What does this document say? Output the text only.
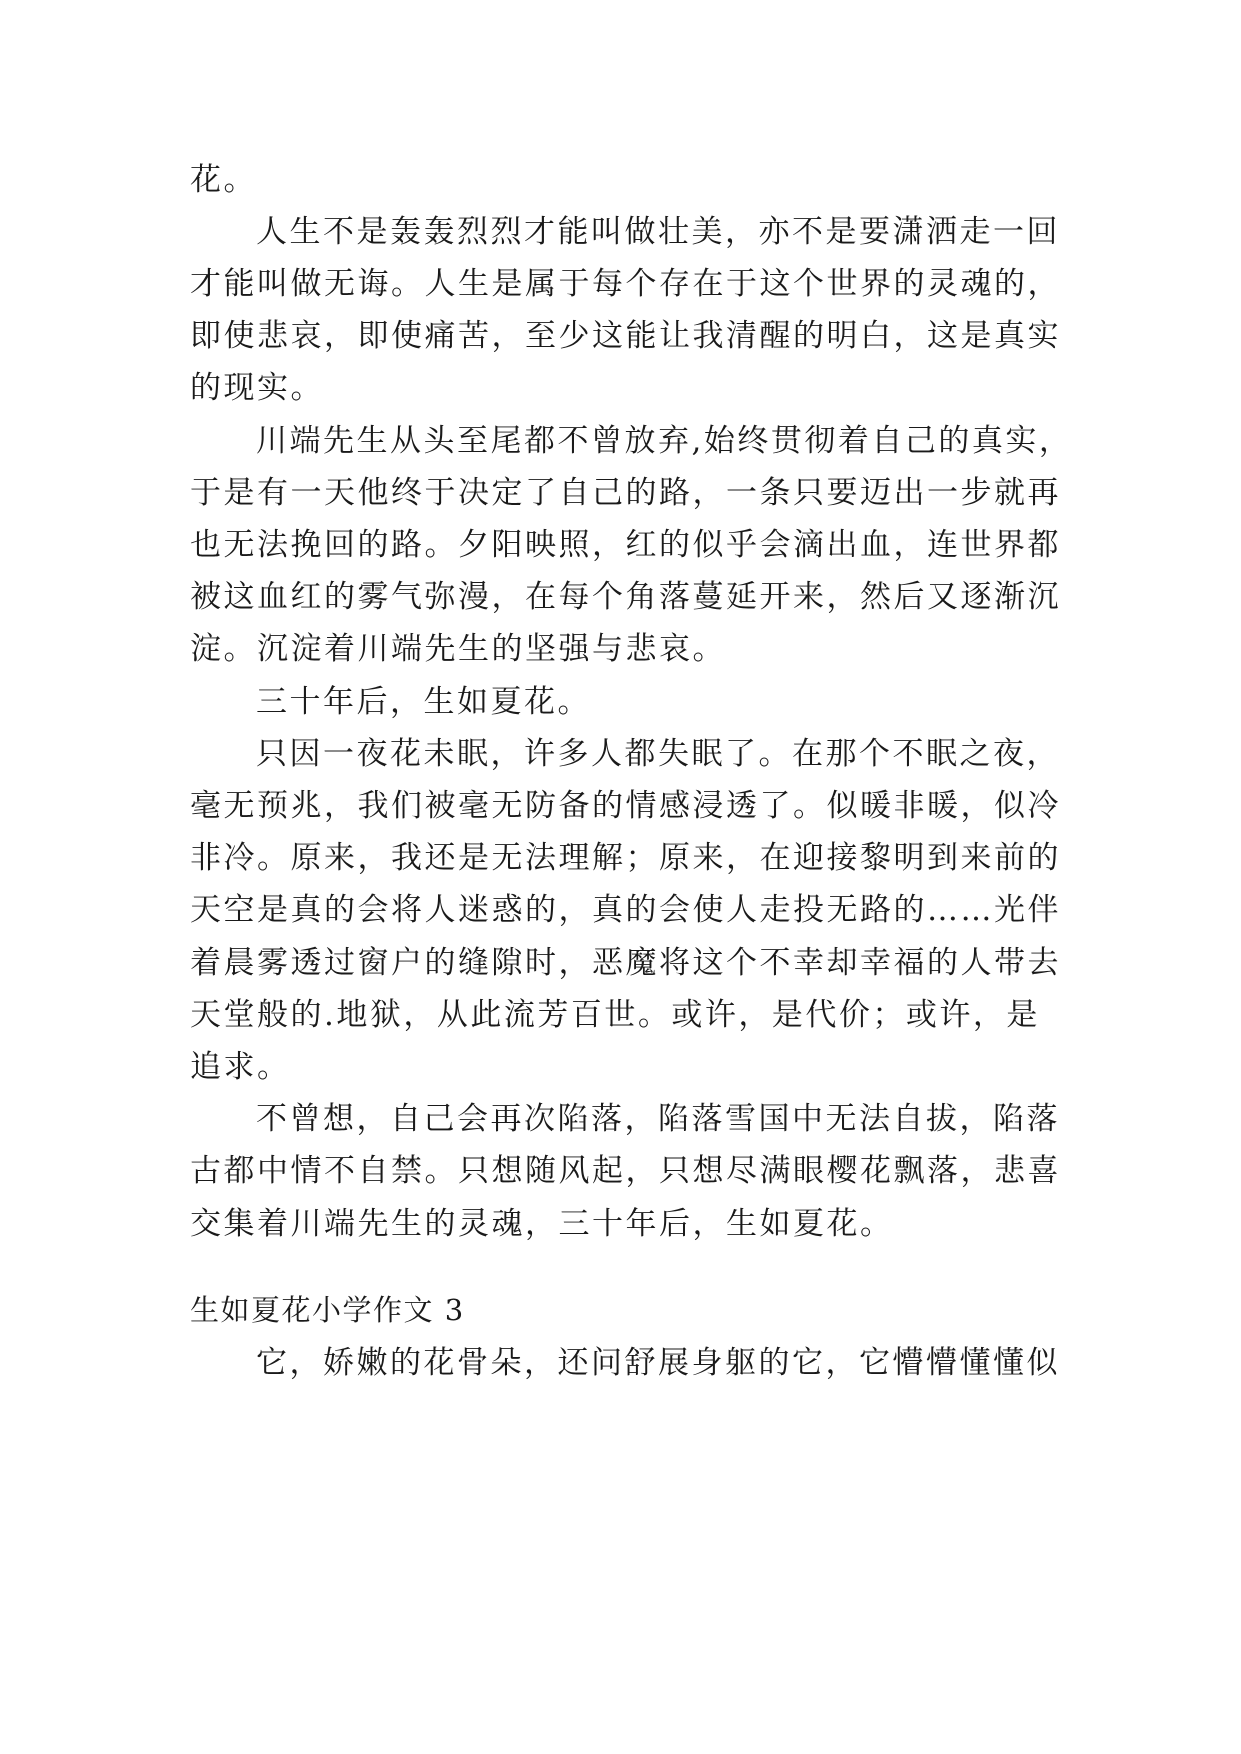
花。
人生不是轰轰烈烈才能叫做壮美，亦不是要潇洒走一回
才能叫做无诲。人生是属于每个存在于这个世界的灵魂的，
即使悲哀，即使痛苦，至少这能让我清醒的明白，这是真实
的现实。
川端先生从头至尾都不曾放弃,始终贯彻着自己的真实，
于是有一天他终于决定了自己的路，一条只要迈出一步就再
也无法挽回的路。夕阳映照，红的似乎会滴出血，连世界都
被这血红的雾气弥漫，在每个角落蔓延开来，然后又逐渐沉
淀。沉淀着川端先生的坚强与悲哀。
三十年后，生如夏花。
只因一夜花未眠，许多人都失眠了。在那个不眠之夜，
毫无预兆，我们被毫无防备的情感浸透了。似暖非暖，似冷
非冷。原来，我还是无法理解；原来，在迎接黎明到来前的
天空是真的会将人迷惑的，真的会使人走投无路的……光伴
着晨雾透过窗户的缝隙时，恶魔将这个不幸却幸福的人带去
天堂般的.地狱，从此流芳百世。或许，是代价；或许，是
追求。
不曾想，自己会再次陷落，陷落雪国中无法自拔，陷落
古都中情不自禁。只想随风起，只想尽满眼樱花飘落，悲喜
交集着川端先生的灵魂，三十年后，生如夏花。
生如夏花小学作文 3
它，娇嫩的花骨朵，还问舒展身躯的它，它懵懵懂懂似
